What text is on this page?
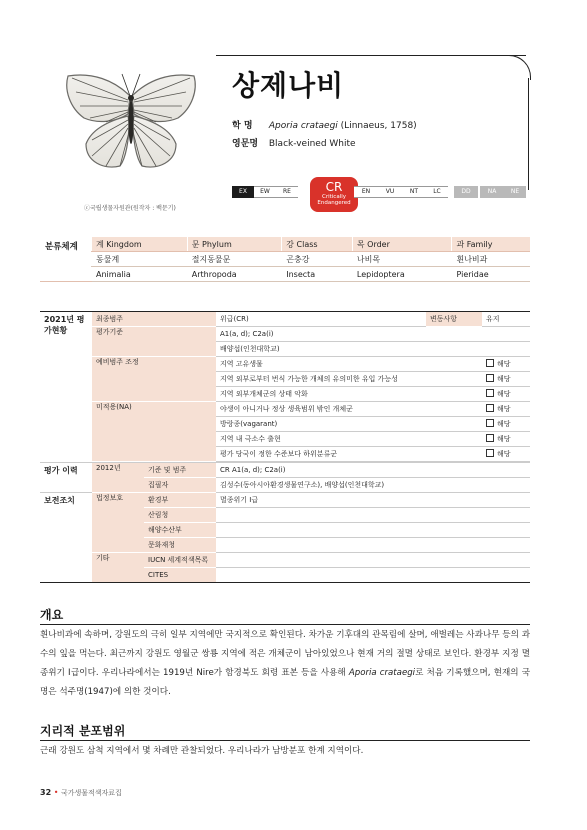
ⓒ국립생물자원관(원작자 : 백문기)
상제나비
학 명 Aporia crataegi (Linnaeus, 1758)
영문명 Black-veined White
EX	EW	RE	CR
Critically Endangered
EN	VU	NT	LC	DD	NA	NE
분류체계	계 Kingdom	문 Phylum	강 Class	목 Order	과 Family
	동물계	절지동물문	곤충강	나비목	흰나비과
	Animalia	Arthropoda	Insecta	Lepidoptera	Pieridae
2021년 평가현황	최종범주		위급(CR)	변동사항	유지
	평가기준		A1(a, d); C2a(i)		
			배양섭(인천대학교)		
	예비범주 조정		지역 고유생물		해당
			지역 외부로부터 번식 가능한 개체의 유의미한 유입 가능성		해당
			지역 외부개체군의 상태 악화		해당
	미적용(NA)		야생이 아니거나 정상 생육범위 밖인 개체군		해당
			방랑종(vagarant)		해당
			지역 내 극소수 출현		해당
			평가 당국이 정한 수준보다 하위분류군		해당

평가 이력	2012년	기준 및 범주	CR A1(a, d); C2a(i)		
		집필자	김성수(동아시아환경생물연구소), 배양섭(인천대학교)		
보전조치	법정보호	환경부	멸종위기 I급		
		산림청			
		해양수산부			
		문화재청			
	기타	IUCN 세계적색목록			
		CITES			
개요
흰나비과에 속하며, 강원도의 극히 일부 지역에만 국지적으로 확인된다. 차가운 기후대의 관목림에 살며, 애벌레는 사과나무 등의 과수의 잎을 먹는다. 최근까지 강원도 영월군 쌍룡 지역에 적은 개체군이 남아있었으나 현재 거의 절멸 상태로 보인다. 환경부 지정 멸종위기 Ⅰ급이다. 우리나라에서는 1919년 Nire가 함경북도 회령 표본 등을 사용해 Aporia crataegi로 처음 기록했으며, 현재의 국명은 석주명(1947)에 의한 것이다.
지리적 분포범위
근래 강원도 삼척 지역에서 몇 차례만 관찰되었다. 우리나라가 남방분포 한계 지역이다.
32 • 국가생물적색자료집
